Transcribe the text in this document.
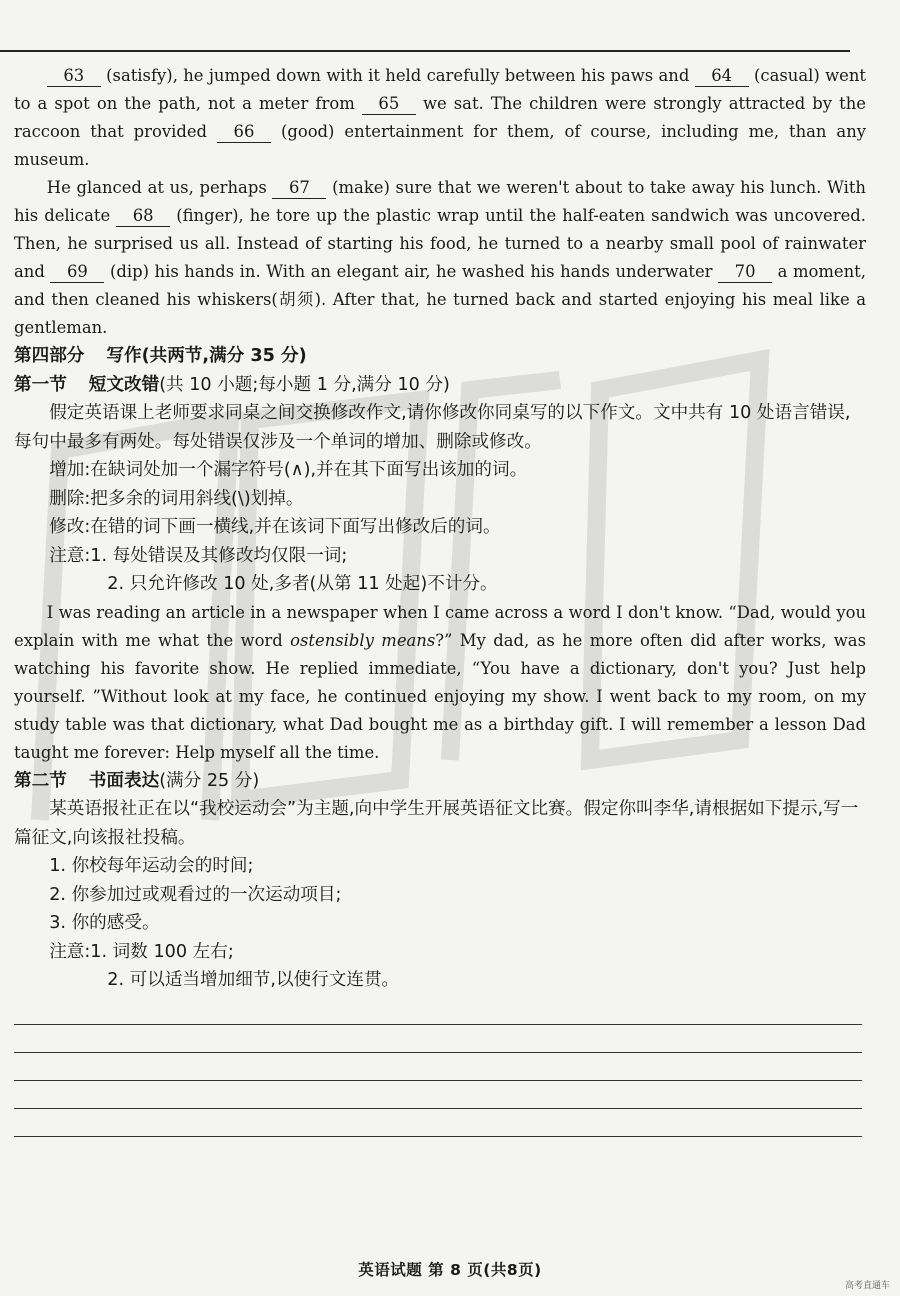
63 (satisfy), he jumped down with it held carefully between his paws and 64 (casual) went to a spot on the path, not a meter from 65 we sat. The children were strongly attracted by the raccoon that provided 66 (good) entertainment for them, of course, including me, than any museum.

He glanced at us, perhaps 67 (make) sure that we weren't about to take away his lunch. With his delicate 68 (finger), he tore up the plastic wrap until the half-eaten sandwich was uncovered. Then, he surprised us all. Instead of starting his food, he turned to a nearby small pool of rainwater and 69 (dip) his hands in. With an elegant air, he washed his hands underwater 70 a moment, and then cleaned his whiskers(胡须). After that, he turned back and started enjoying his meal like a gentleman.

第四部分 写作(共两节,满分 35 分)

第一节 短文改错(共 10 小题;每小题 1 分,满分 10 分)

假定英语课上老师要求同桌之间交换修改作文,请你修改你同桌写的以下作文。文中共有 10 处语言错误,每句中最多有两处。每处错误仅涉及一个单词的增加、删除或修改。

增加:在缺词处加一个漏字符号(∧),并在其下面写出该加的词。

删除:把多余的词用斜线(\)划掉。

修改:在错的词下画一横线,并在该词下面写出修改后的词。

注意:1. 每处错误及其修改均仅限一词;

2. 只允许修改 10 处,多者(从第 11 处起)不计分。

I was reading an article in a newspaper when I came across a word I don't know. “Dad, would you explain with me what the word ostensibly means?” My dad, as he more often did after works, was watching his favorite show. He replied immediate, “You have a dictionary, don't you? Just help yourself. ”Without look at my face, he continued enjoying my show. I went back to my room, on my study table was that dictionary, what Dad bought me as a birthday gift. I will remember a lesson Dad taught me forever: Help myself all the time.

第二节 书面表达(满分 25 分)

某英语报社正在以“我校运动会”为主题,向中学生开展英语征文比赛。假定你叫李华,请根据如下提示,写一篇征文,向该报社投稿。

1. 你校每年运动会的时间;

2. 你参加过或观看过的一次运动项目;

3. 你的感受。

注意:1. 词数 100 左右;

2. 可以适当增加细节,以使行文连贯。

英语试题 第 8 页(共8页)
高考直通车
